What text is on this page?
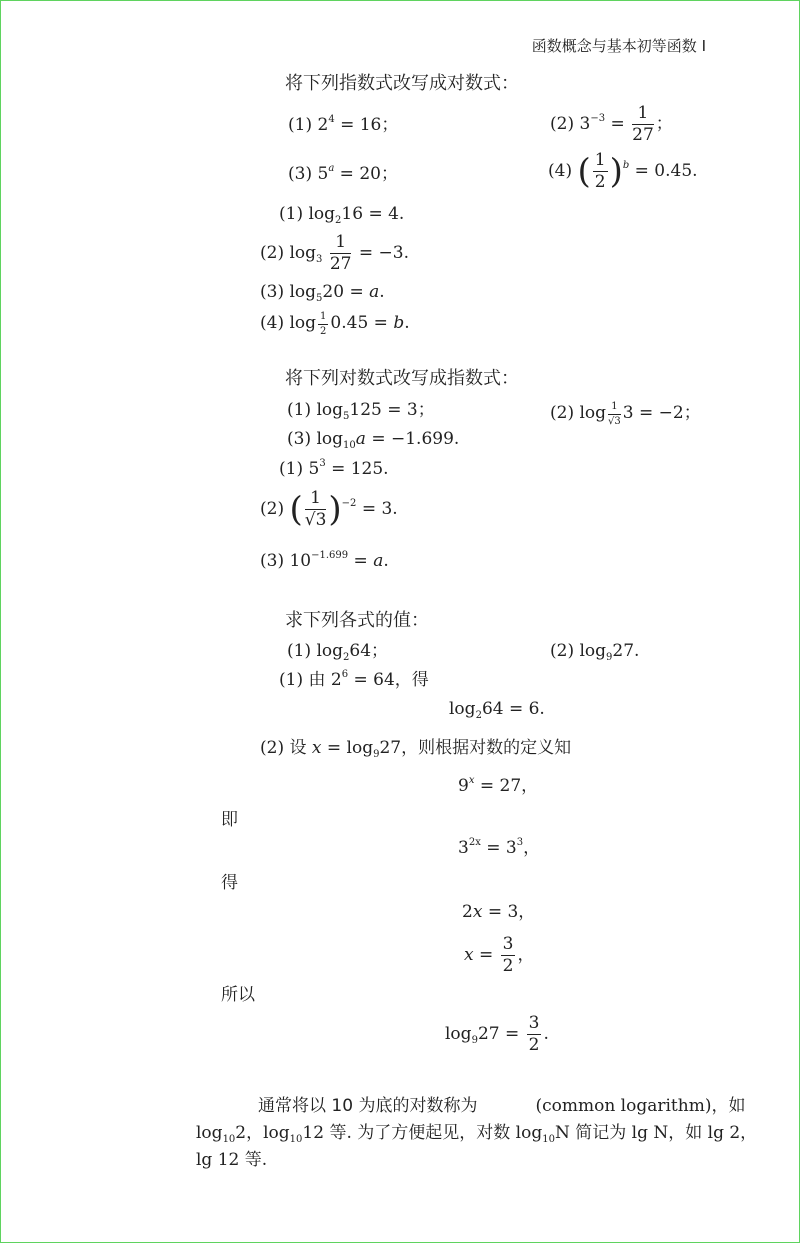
函数概念与基本初等函数 I
将下列指数式改写成对数式：
(1) $2^4 = 16$；	(2) $3^{-3} = \frac{1}{27}$ ；
(3) $5^a = 20$；	(4) ( $\frac{1}{2} )^b = 0.45$.
(1) $\log_216 = 4$.
(2) $\log_3 \frac{1}{27} = -3$.
(3) $\log_520 = a$.
(4) $\log \frac{1}{2} 0.45 = b$.
将下列对数式改写成指数式：
(1) $\log_5125 = 3$；	(2) $\log \frac{1}{√3} 3 = -2$；
(3) $\log_{10}a = -1.699$.
(1) $5^3 = 125$.
(2) ( $\frac{1}{√3} )^{-2} = 3$.
(3) $10^{-1.699} = a$.
求下列各式的值：
(1) $\log_264$；	(2) $\log_927$.
(1) 由 $2^6 = 64$，得
$\log_264 = 6$.
(2) 设 $x = \log_927$，则根据对数的定义知
$9^x = 27$，
即
$3^{2x} = 3^3$，
得
2x = 3，
$x = \frac{3}{2}$ ，
所以
$\log_927 = \frac{3}{2}$ .
通常将以 10 为底的对数称为	(common logarithm)，如
$\log_{10}2$，$\log_{10}12$ 等. 为了方便起见，对数 $\log_{10}N$ 简记为 lg N，如 lg 2，
lg 12 等.
